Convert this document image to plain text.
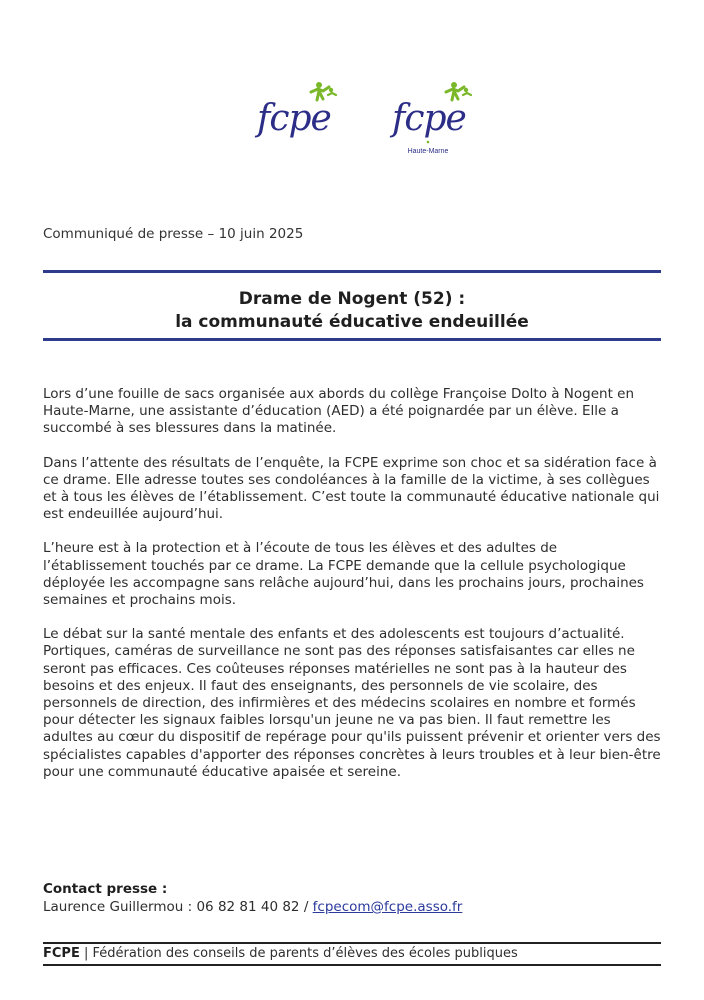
fcpe fcpe
Haute-Marne
Communiqué de presse – 10 juin 2025
Drame de Nogent (52) :
la communauté éducative endeuillée

Lors d’une fouille de sacs organisée aux abords du collège Françoise Dolto à Nogent en Haute-Marne, une assistante d’éducation (AED) a été poignardée par un élève. Elle a succombé à ses blessures dans la matinée.

Dans l’attente des résultats de l’enquête, la FCPE exprime son choc et sa sidération face à ce drame. Elle adresse toutes ses condoléances à la famille de la victime, à ses collègues et à tous les élèves de l’établissement. C’est toute la communauté éducative nationale qui est endeuillée aujourd’hui.

L’heure est à la protection et à l’écoute de tous les élèves et des adultes de l’établissement touchés par ce drame. La FCPE demande que la cellule psychologique déployée les accompagne sans relâche aujourd’hui, dans les prochains jours, prochaines semaines et prochains mois.

Le débat sur la santé mentale des enfants et des adolescents est toujours d’actualité. Portiques, caméras de surveillance ne sont pas des réponses satisfaisantes car elles ne seront pas efficaces. Ces coûteuses réponses matérielles ne sont pas à la hauteur des besoins et des enjeux. Il faut des enseignants, des personnels de vie scolaire, des personnels de direction, des infirmières et des médecins scolaires en nombre et formés pour détecter les signaux faibles lorsqu'un jeune ne va pas bien. Il faut remettre les adultes au cœur du dispositif de repérage pour qu'ils puissent prévenir et orienter vers des spécialistes capables d'apporter des réponses concrètes à leurs troubles et à leur bien-être pour une communauté éducative apaisée et sereine.

Contact presse :
Laurence Guillermou : 06 82 81 40 82 / fcpecom@fcpe.asso.fr
FCPE | Fédération des conseils de parents d’élèves des écoles publiques
